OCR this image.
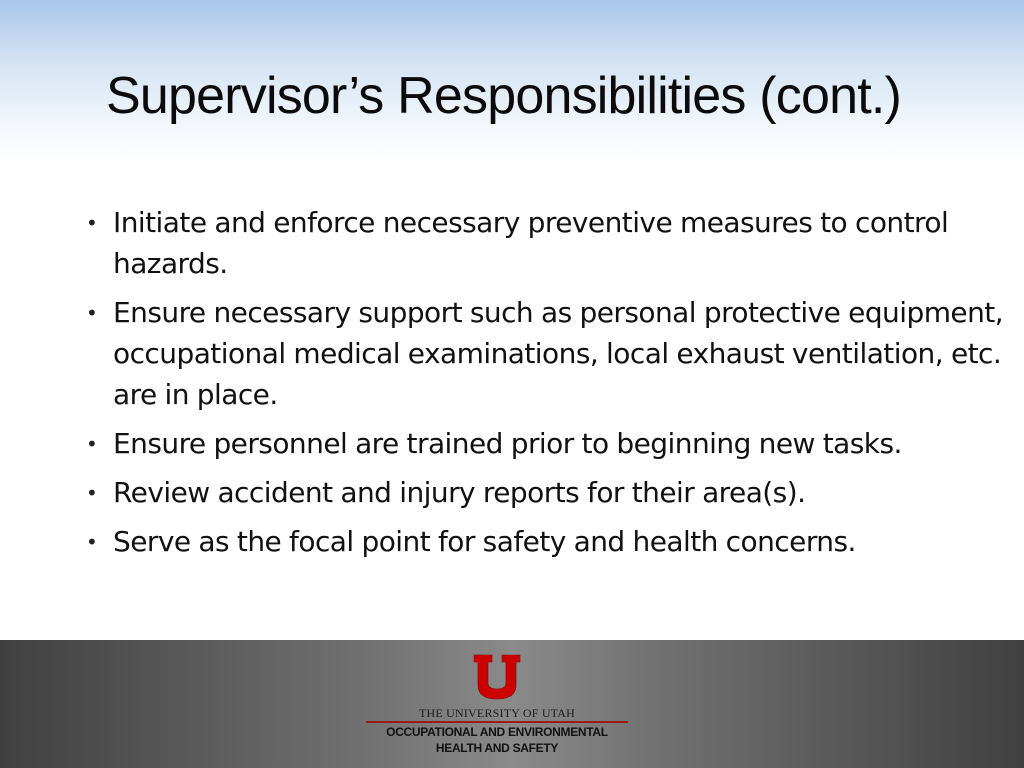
Supervisor’s Responsibilities (cont.)
• Initiate and enforce necessary preventive measures to control hazards.
• Ensure necessary support such as personal protective equipment, occupational medical examinations, local exhaust ventilation, etc. are in place.
• Ensure personnel are trained prior to beginning new tasks.
• Review accident and injury reports for their area(s).
• Serve as the focal point for safety and health concerns.
THE UNIVERSITY OF UTAH
OCCUPATIONAL AND ENVIRONMENTAL
HEALTH AND SAFETY
